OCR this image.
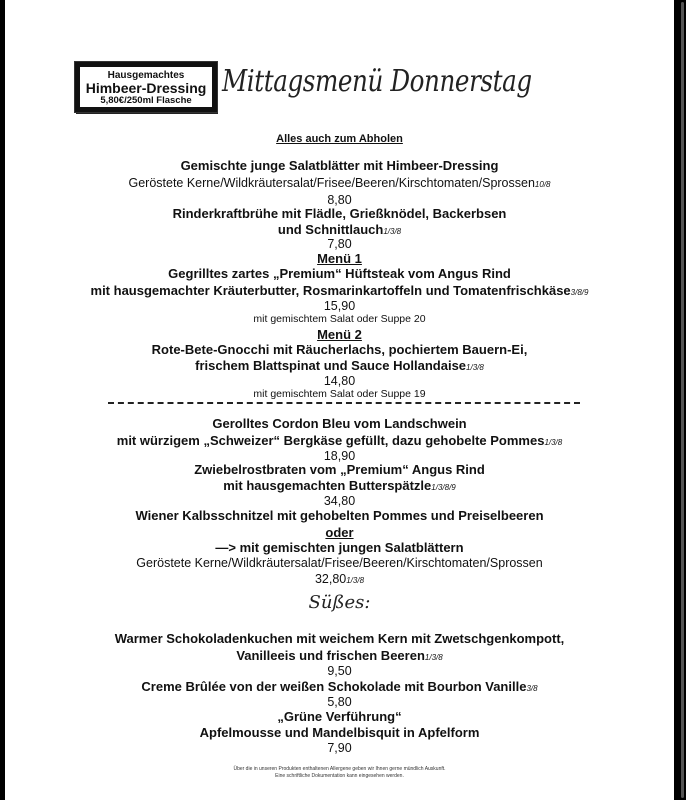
Hausgemachtes
Himbeer-Dressing
5,80€/250ml Flasche
Mittagsmenü Donnerstag
Alles auch zum Abholen
Gemischte junge Salatblätter mit Himbeer-Dressing
Geröstete Kerne/Wildkräutersalat/Frisee/Beeren/Kirschtomaten/Sprossen10/8
8,80
Rinderkraftbrühe mit Flädle, Grießknödel, Backerbsen
und Schnittlauch1/3/8
7,80
Menü 1
Gegrilltes zartes „Premium“ Hüftsteak vom Angus Rind
mit hausgemachter Kräuterbutter, Rosmarinkartoffeln und Tomatenfrischkäse3/8/9
15,90
mit gemischtem Salat oder Suppe 20
Menü 2
Rote-Bete-Gnocchi mit Räucherlachs, pochiertem Bauern-Ei,
frischem Blattspinat und Sauce Hollandaise1/3/8
14,80
mit gemischtem Salat oder Suppe 19
Gerolltes Cordon Bleu vom Landschwein
mit würzigem „Schweizer“ Bergkäse gefüllt, dazu gehobelte Pommes1/3/8
18,90
Zwiebelrostbraten vom „Premium“ Angus Rind
mit hausgemachten Butterspätzle1/3/8/9
34,80
Wiener Kalbsschnitzel mit gehobelten Pommes und Preiselbeeren
oder
—> mit gemischten jungen Salatblättern
Geröstete Kerne/Wildkräutersalat/Frisee/Beeren/Kirschtomaten/Sprossen
32,801/3/8
Süßes:
Warmer Schokoladenkuchen mit weichem Kern mit Zwetschgenkompott,
Vanilleeis und frischen Beeren1/3/8
9,50
Creme Brûlée von der weißen Schokolade mit Bourbon Vanille3/8
5,80
„Grüne Verführung“
Apfelmousse und Mandelbisquit in Apfelform
7,90
Über die in unseren Produkten enthaltenen Allergene geben wir Ihnen gerne mündlich Auskunft.
Eine schriftliche Dokumentation kann eingesehen werden.
